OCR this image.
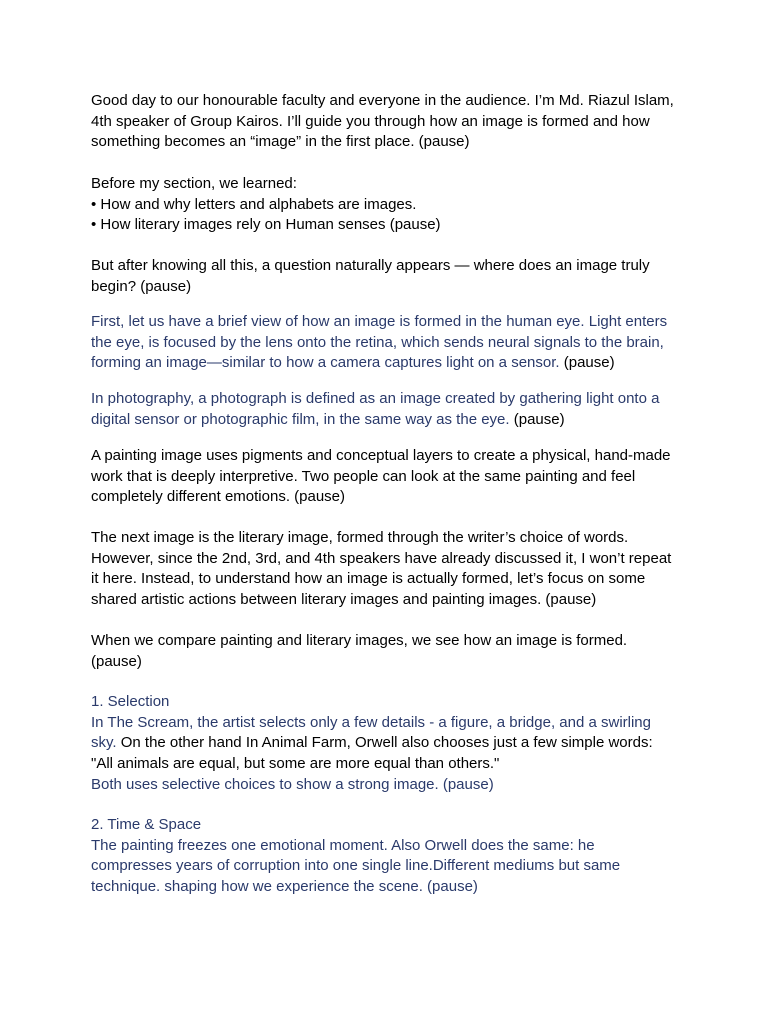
Good day to our honourable faculty and everyone in the audience. I’m Md. Riazul Islam,
4th speaker of Group Kairos. I’ll guide you through how an image is formed and how
something becomes an “image” in the first place. (pause)

Before my section, we learned:
• How and why letters and alphabets are images.
• How literary images rely on Human senses (pause)

But after knowing all this, a question naturally appears — where does an image truly
begin? (pause)

First, let us have a brief view of how an image is formed in the human eye. Light enters
the eye, is focused by the lens onto the retina, which sends neural signals to the brain,
forming an image—similar to how a camera captures light on a sensor. (pause)

In photography, a photograph is defined as an image created by gathering light onto a
digital sensor or photographic film, in the same way as the eye. (pause)

A painting image uses pigments and conceptual layers to create a physical, hand-made
work that is deeply interpretive. Two people can look at the same painting and feel
completely different emotions. (pause)

The next image is the literary image, formed through the writer’s choice of words.
However, since the 2nd, 3rd, and 4th speakers have already discussed it, I won’t repeat
it here. Instead, to understand how an image is actually formed, let’s focus on some
shared artistic actions between literary images and painting images. (pause)

When we compare painting and literary images, we see how an image is formed.
(pause)

1. Selection
In The Scream, the artist selects only a few details - a figure, a bridge, and a swirling
sky. On the other hand In Animal Farm, Orwell also chooses just a few simple words:
"All animals are equal, but some are more equal than others."
Both uses selective choices to show a strong image. (pause)

2. Time & Space
The painting freezes one emotional moment. Also Orwell does the same: he
compresses years of corruption into one single line.Different mediums but same
technique. shaping how we experience the scene. (pause)
